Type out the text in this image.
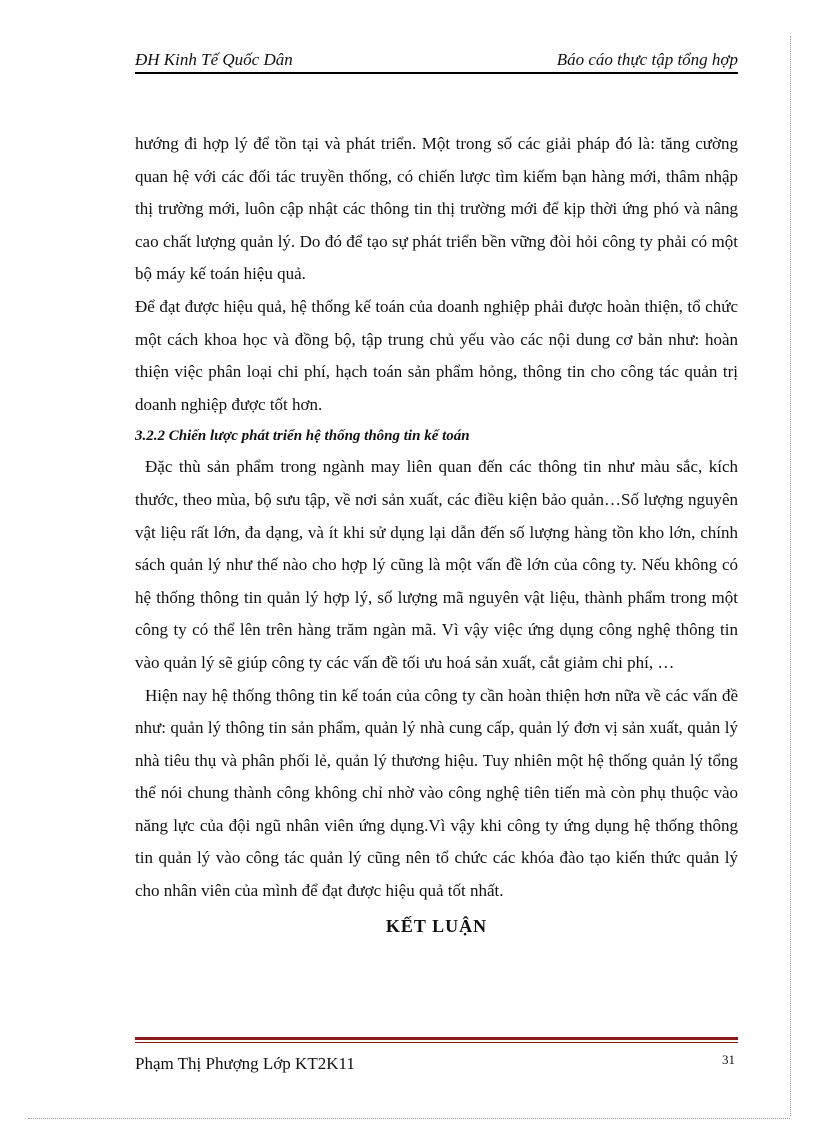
ĐH Kinh Tế Quốc Dân	Báo cáo thực tập tổng hợp

hướng đi hợp lý để tồn tại và phát triển. Một trong số các giải pháp đó là: tăng cường quan hệ với các đối tác truyền thống, có chiến lược tìm kiếm bạn hàng mới, thâm nhập thị trường mới, luôn cập nhật các thông tin thị trường mới để kịp thời ứng phó và nâng cao chất lượng quản lý. Do đó để tạo sự phát triển bền vững đòi hỏi công ty phải có một bộ máy kế toán hiệu quả.

Để đạt được hiệu quả, hệ thống kế toán của doanh nghiệp phải được hoàn thiện, tổ chức một cách khoa học và đồng bộ, tập trung chủ yếu vào các nội dung cơ bản như: hoàn thiện việc phân loại chi phí, hạch toán sản phẩm hỏng, thông tin cho công tác quản trị doanh nghiệp được tốt hơn.

3.2.2 Chiến lược phát triển hệ thống thông tin kế toán

Đặc thù sản phẩm trong ngành may liên quan đến các thông tin như màu sắc, kích thước, theo mùa, bộ sưu tập, về nơi sản xuất, các điều kiện bảo quản…Số lượng nguyên vật liệu rất lớn, đa dạng, và ít khi sử dụng lại dẫn đến số lượng hàng tồn kho lớn, chính sách quản lý như thế nào cho hợp lý cũng là một vấn đề lớn của công ty. Nếu không có hệ thống thông tin quản lý hợp lý, số lượng mã nguyên vật liệu, thành phẩm trong một công ty có thể lên trên hàng trăm ngàn mã. Vì vậy việc ứng dụng công nghệ thông tin vào quản lý sẽ giúp công ty các vấn đề tối ưu hoá sản xuất, cắt giảm chi phí, …

Hiện nay hệ thống thông tin kế toán của công ty cần hoàn thiện hơn nữa về các vấn đề như: quản lý thông tin sản phẩm, quản lý nhà cung cấp, quản lý đơn vị sản xuất, quản lý nhà tiêu thụ và phân phối lẻ, quản lý thương hiệu. Tuy nhiên một hệ thống quản lý tổng thể nói chung thành công không chỉ nhờ vào công nghệ tiên tiến mà còn phụ thuộc vào năng lực của đội ngũ nhân viên ứng dụng.Vì vậy khi công ty ứng dụng hệ thống thông tin quản lý vào công tác quản lý cũng nên tổ chức các khóa đào tạo kiến thức quản lý cho nhân viên của mình để đạt được hiệu quả tốt nhất.

KẾT LUẬN

Phạm Thị Phượng Lớp KT2K11	31
